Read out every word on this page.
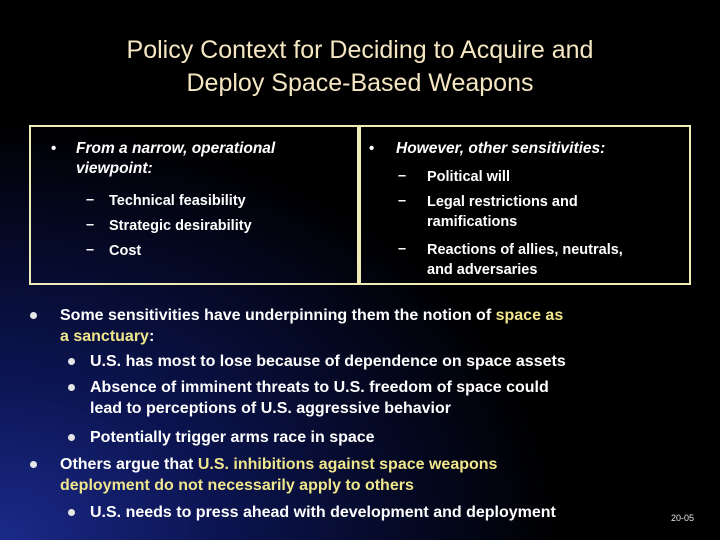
Policy Context for Deciding to Acquire and
Deploy Space-Based Weapons
• From a narrow, operational
viewpoint:
– Technical feasibility
– Strategic desirability
– Cost
• However, other sensitivities:
– Political will
– Legal restrictions and
ramifications
– Reactions of allies, neutrals,
and adversaries
Some sensitivities have underpinning them the notion of space as
a sanctuary:
U.S. has most to lose because of dependence on space assets
Absence of imminent threats to U.S. freedom of space could
lead to perceptions of U.S. aggressive behavior
Potentially trigger arms race in space
Others argue that U.S. inhibitions against space weapons
deployment do not necessarily apply to others
U.S. needs to press ahead with development and deployment	20-05
